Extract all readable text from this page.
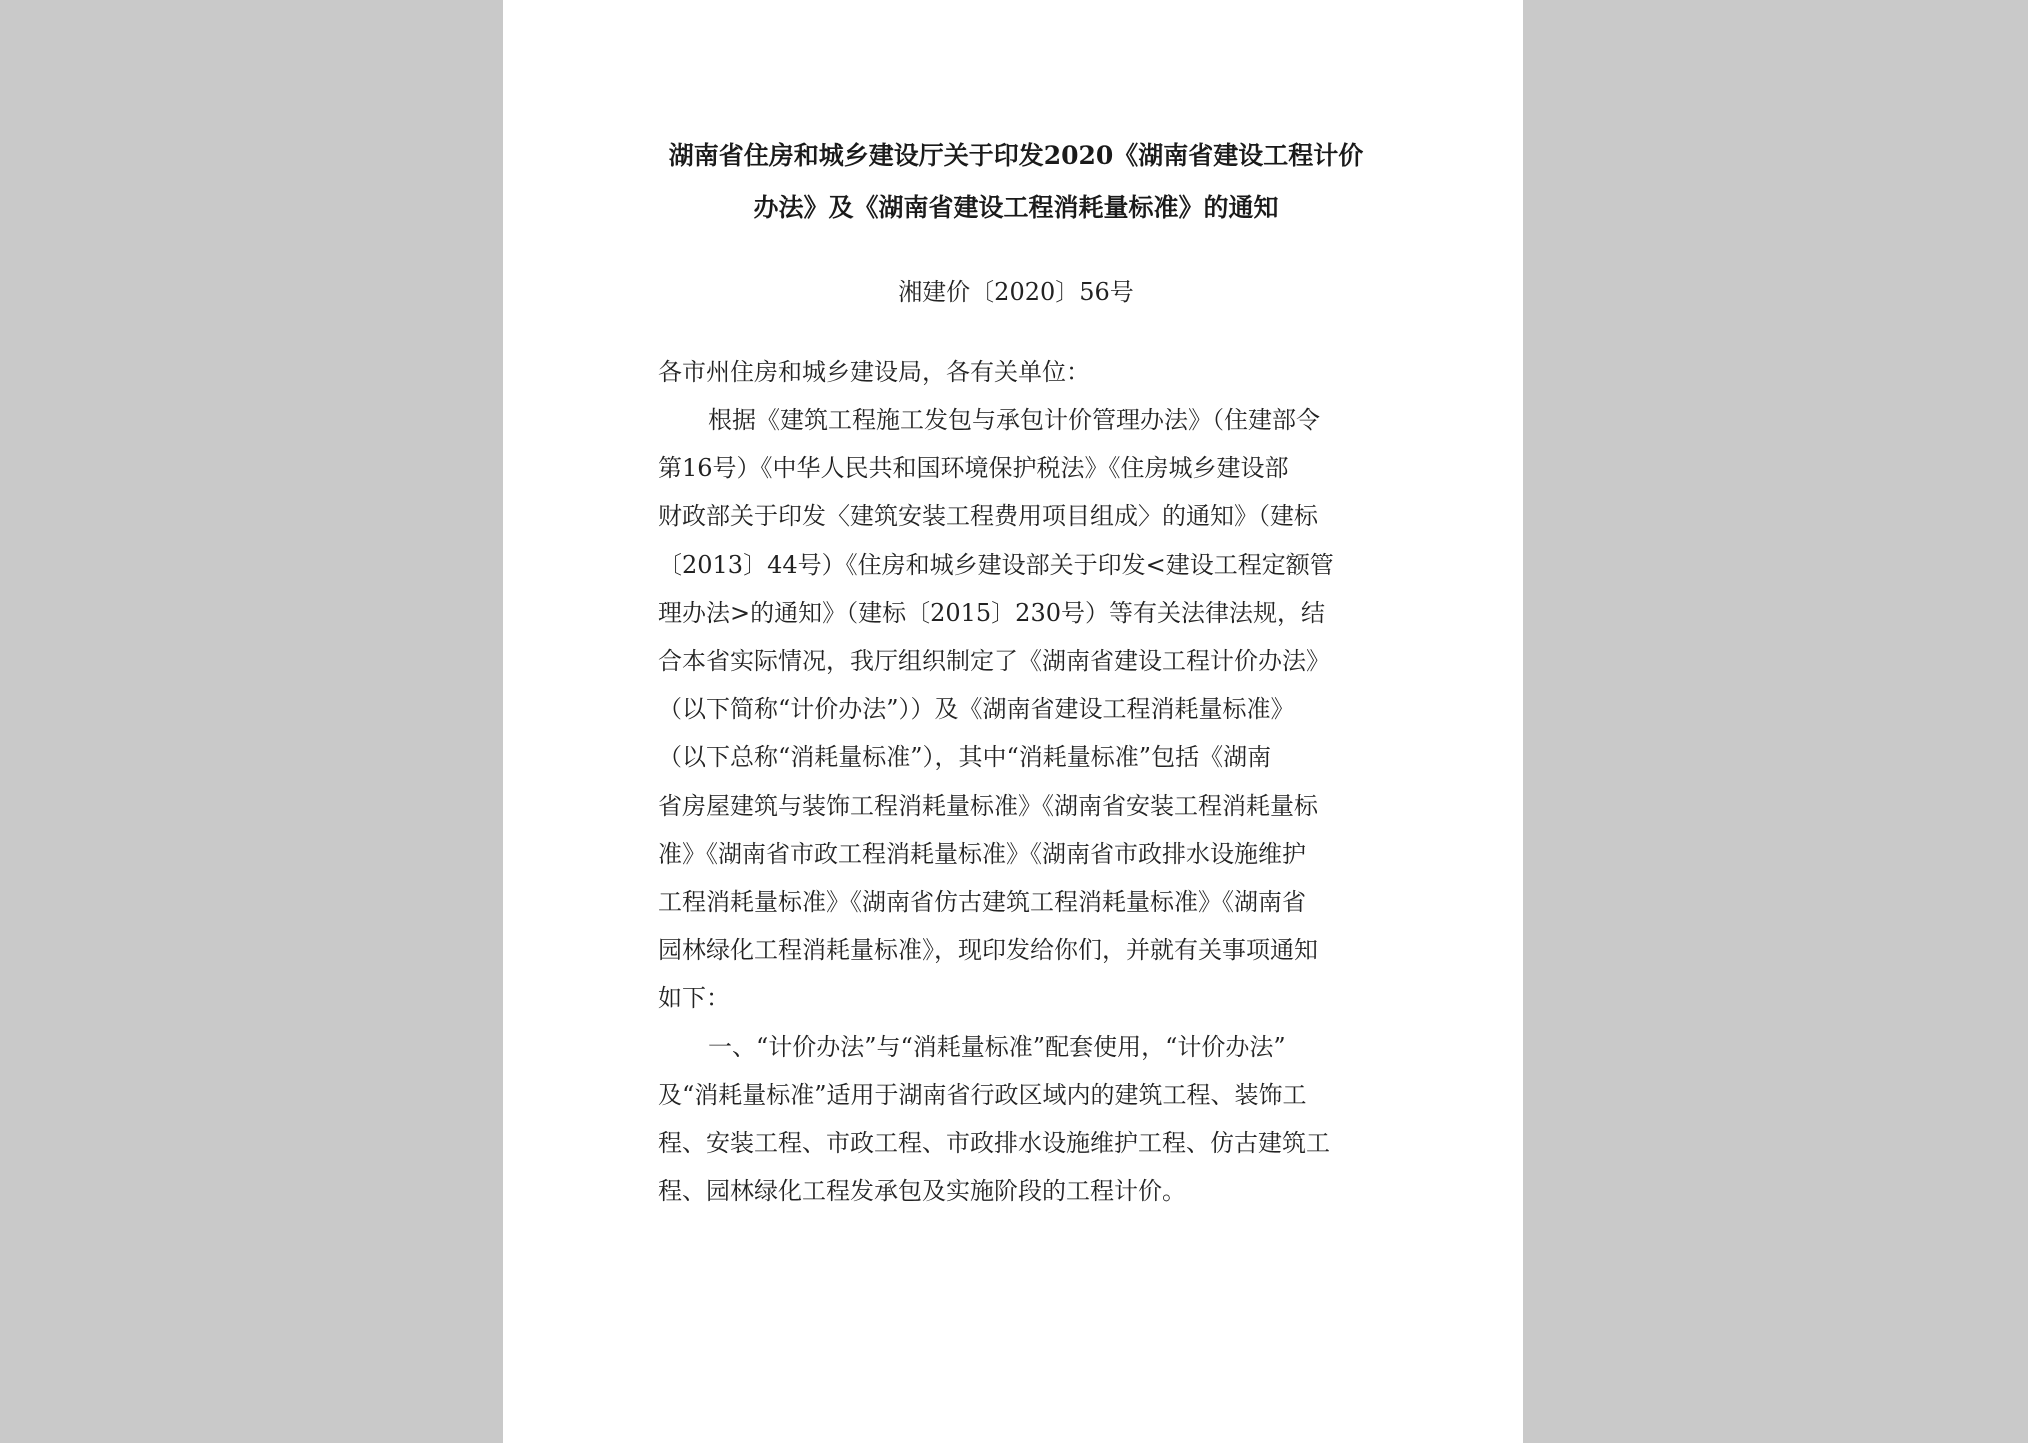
湖南省住房和城乡建设厅关于印发2020《湖南省建设工程计价
办法》及《湖南省建设工程消耗量标准》的通知
湘建价〔2020〕56号
各市州住房和城乡建设局，各有关单位：

根据《建筑工程施工发包与承包计价管理办法》（住建部令
第16号）《中华人民共和国环境保护税法》《住房城乡建设部
财政部关于印发〈建筑安装工程费用项目组成〉的通知》（建标
〔2013〕44号）《住房和城乡建设部关于印发<建设工程定额管
理办法>的通知》（建标〔2015〕230号）等有关法律法规，结
合本省实际情况，我厅组织制定了《湖南省建设工程计价办法》
（以下简称“计价办法”））及《湖南省建设工程消耗量标准》
（以下总称“消耗量标准”），其中“消耗量标准”包括《湖南
省房屋建筑与装饰工程消耗量标准》《湖南省安装工程消耗量标
准》《湖南省市政工程消耗量标准》《湖南省市政排水设施维护
工程消耗量标准》《湖南省仿古建筑工程消耗量标准》《湖南省
园林绿化工程消耗量标准》，现印发给你们，并就有关事项通知
如下：

一、“计价办法”与“消耗量标准”配套使用，“计价办法”
及“消耗量标准”适用于湖南省行政区域内的建筑工程、装饰工
程、安装工程、市政工程、市政排水设施维护工程、仿古建筑工
程、园林绿化工程发承包及实施阶段的工程计价。
